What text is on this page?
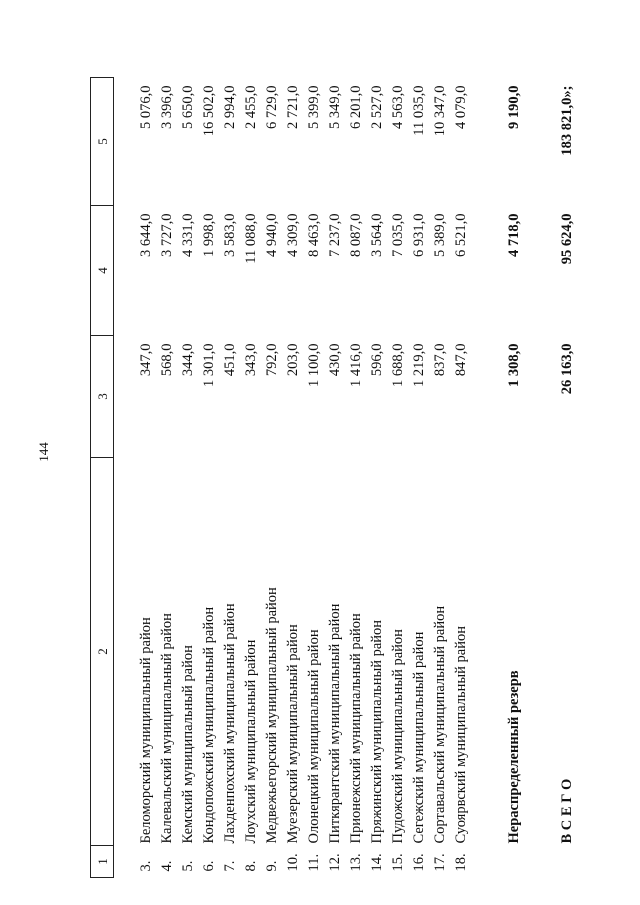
144
1	2	3	4	5

3.	Беломорский муниципальный район	347,0	3 644,0	5 076,0
4.	Калевальский муниципальный район	568,0	3 727,0	3 396,0
5.	Кемский муниципальный район	344,0	4 331,0	5 650,0
6.	Кондопожский муниципальный район	1 301,0	1 998,0	16 502,0
7.	Лахденпохский муниципальный район	451,0	3 583,0	2 994,0
8.	Лоухский муниципальный район	343,0	11 088,0	2 455,0
9.	Медвежьегорский муниципальный район	792,0	4 940,0	6 729,0
10.	Муезерский муниципальный район	203,0	4 309,0	2 721,0
11.	Олонецкий муниципальный район	1 100,0	8 463,0	5 399,0
12.	Питкярантский муниципальный район	430,0	7 237,0	5 349,0
13.	Прионежский муниципальный район	1 416,0	8 087,0	6 201,0
14.	Пряжинский муниципальный район	596,0	3 564,0	2 527,0
15.	Пудожский муниципальный район	1 688,0	7 035,0	4 563,0
16.	Сегежский муниципальный район	1 219,0	6 931,0	11 035,0
17.	Сортавальский муниципальный район	837,0	5 389,0	10 347,0
18.	Суоярвский муниципальный район	847,0	6 521,0	4 079,0

	Нераспределенный резерв	1 308,0	4 718,0	9 190,0

	В С Е Г О	26 163,0	95 624,0	183 821,0»;
